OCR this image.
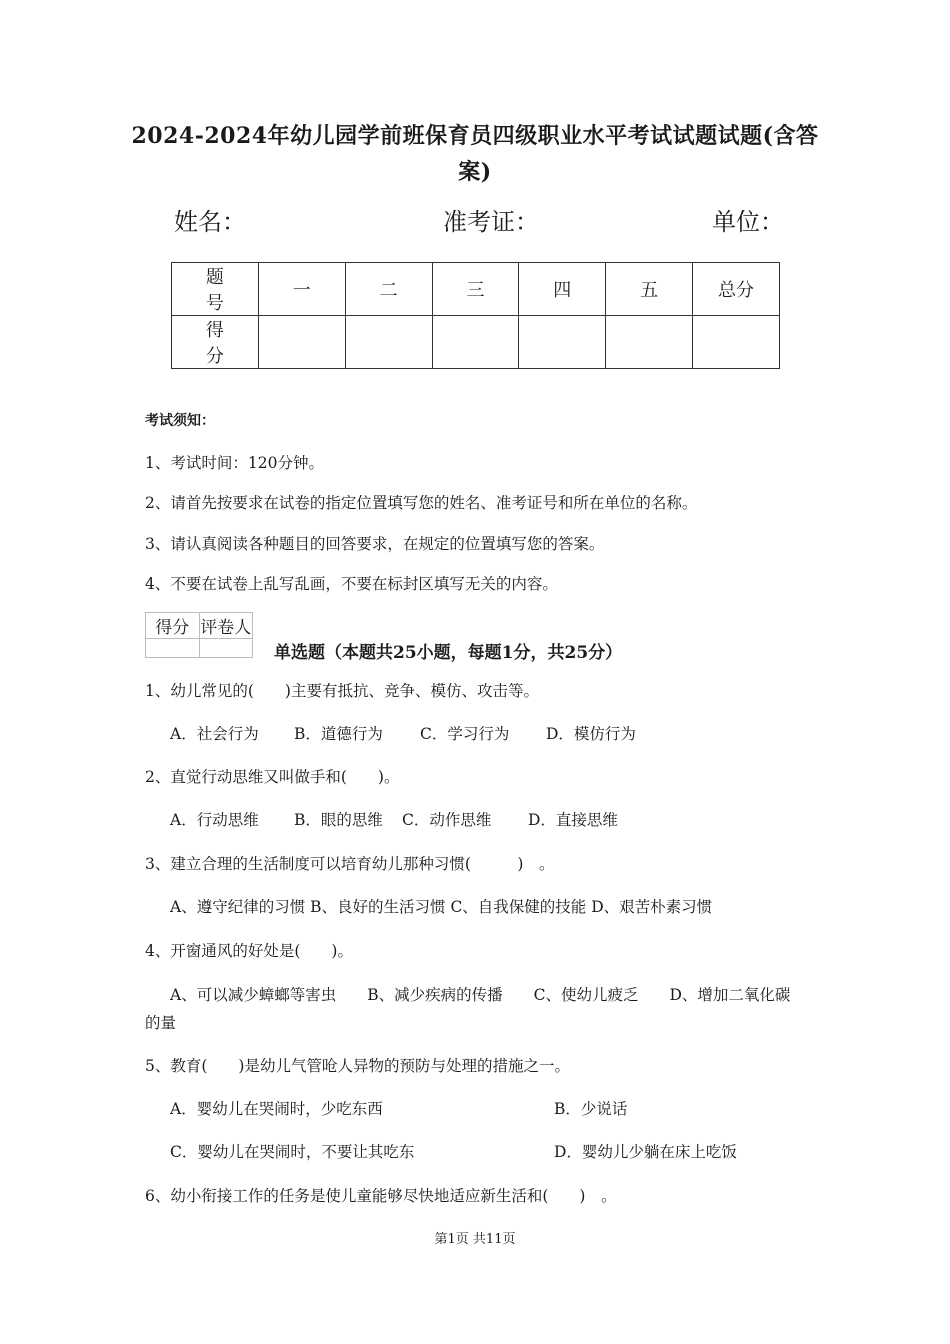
2024-2024年幼儿园学前班保育员四级职业水平考试试题试题(含答
案)
姓名：	准考证：	单位：
题　号	一	二	三	四	五	总分
得　分						
考试须知：
1、考试时间：120分钟。
2、请首先按要求在试卷的指定位置填写您的姓名、准考证号和所在单位的名称。
3、请认真阅读各种题目的回答要求，在规定的位置填写您的答案。
4、不要在试卷上乱写乱画，不要在标封区填写无关的内容。
得分	评卷人

单选题（本题共25小题，每题1分，共25分）
1、幼儿常见的(　　)主要有抵抗、竞争、模仿、攻击等。
A．社会行为 B．道德行为 C．学习行为 D．模仿行为
2、直觉行动思维又叫做手和(　　)。
A．行动思维 B．眼的思维 C．动作思维 D．直接思维
3、建立合理的生活制度可以培育幼儿那种习惯(　　　)　。
A、遵守纪律的习惯 B、良好的生活习惯 C、自我保健的技能 D、艰苦朴素习惯
4、开窗通风的好处是(　　)。
A、可以减少蟑螂等害虫　　B、减少疾病的传播　　C、使幼儿疲乏　　D、增加二氧化碳
的量
5、教育(　　)是幼儿气管呛人异物的预防与处理的措施之一。
A．婴幼儿在哭闹时，少吃东西	B．少说话
C．婴幼儿在哭闹时，不要让其吃东	D．婴幼儿少躺在床上吃饭
6、幼小衔接工作的任务是使儿童能够尽快地适应新生活和(　　)　。
第1页 共11页
